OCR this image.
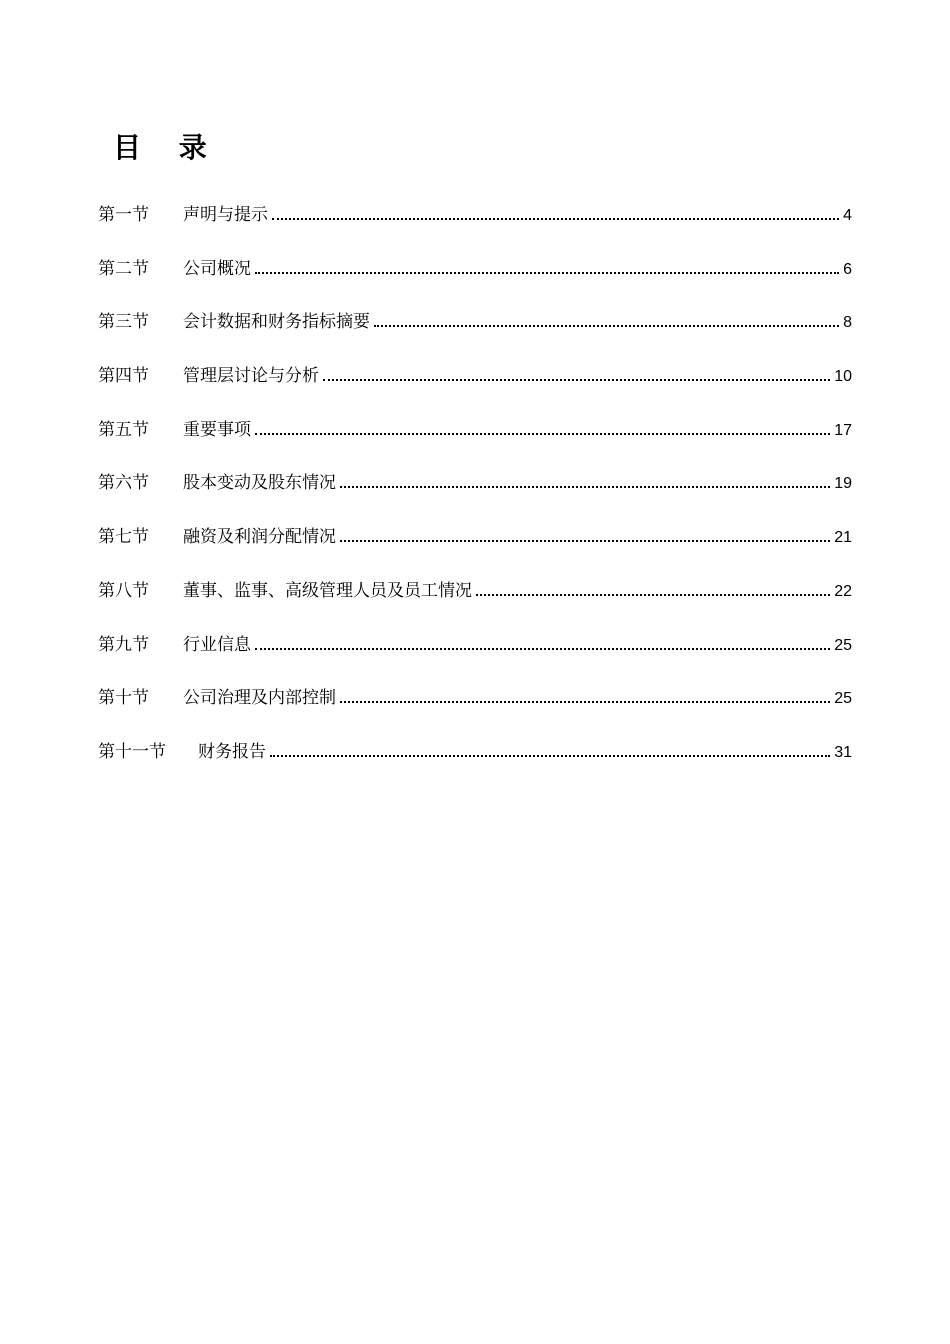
目 录
第一节	声明与提示	4
第二节	公司概况	6
第三节	会计数据和财务指标摘要	8
第四节	管理层讨论与分析	10
第五节	重要事项	17
第六节	股本变动及股东情况	19
第七节	融资及利润分配情况	21
第八节	董事、监事、高级管理人员及员工情况	22
第九节	行业信息	25
第十节	公司治理及内部控制	25
第十一节	财务报告	31
